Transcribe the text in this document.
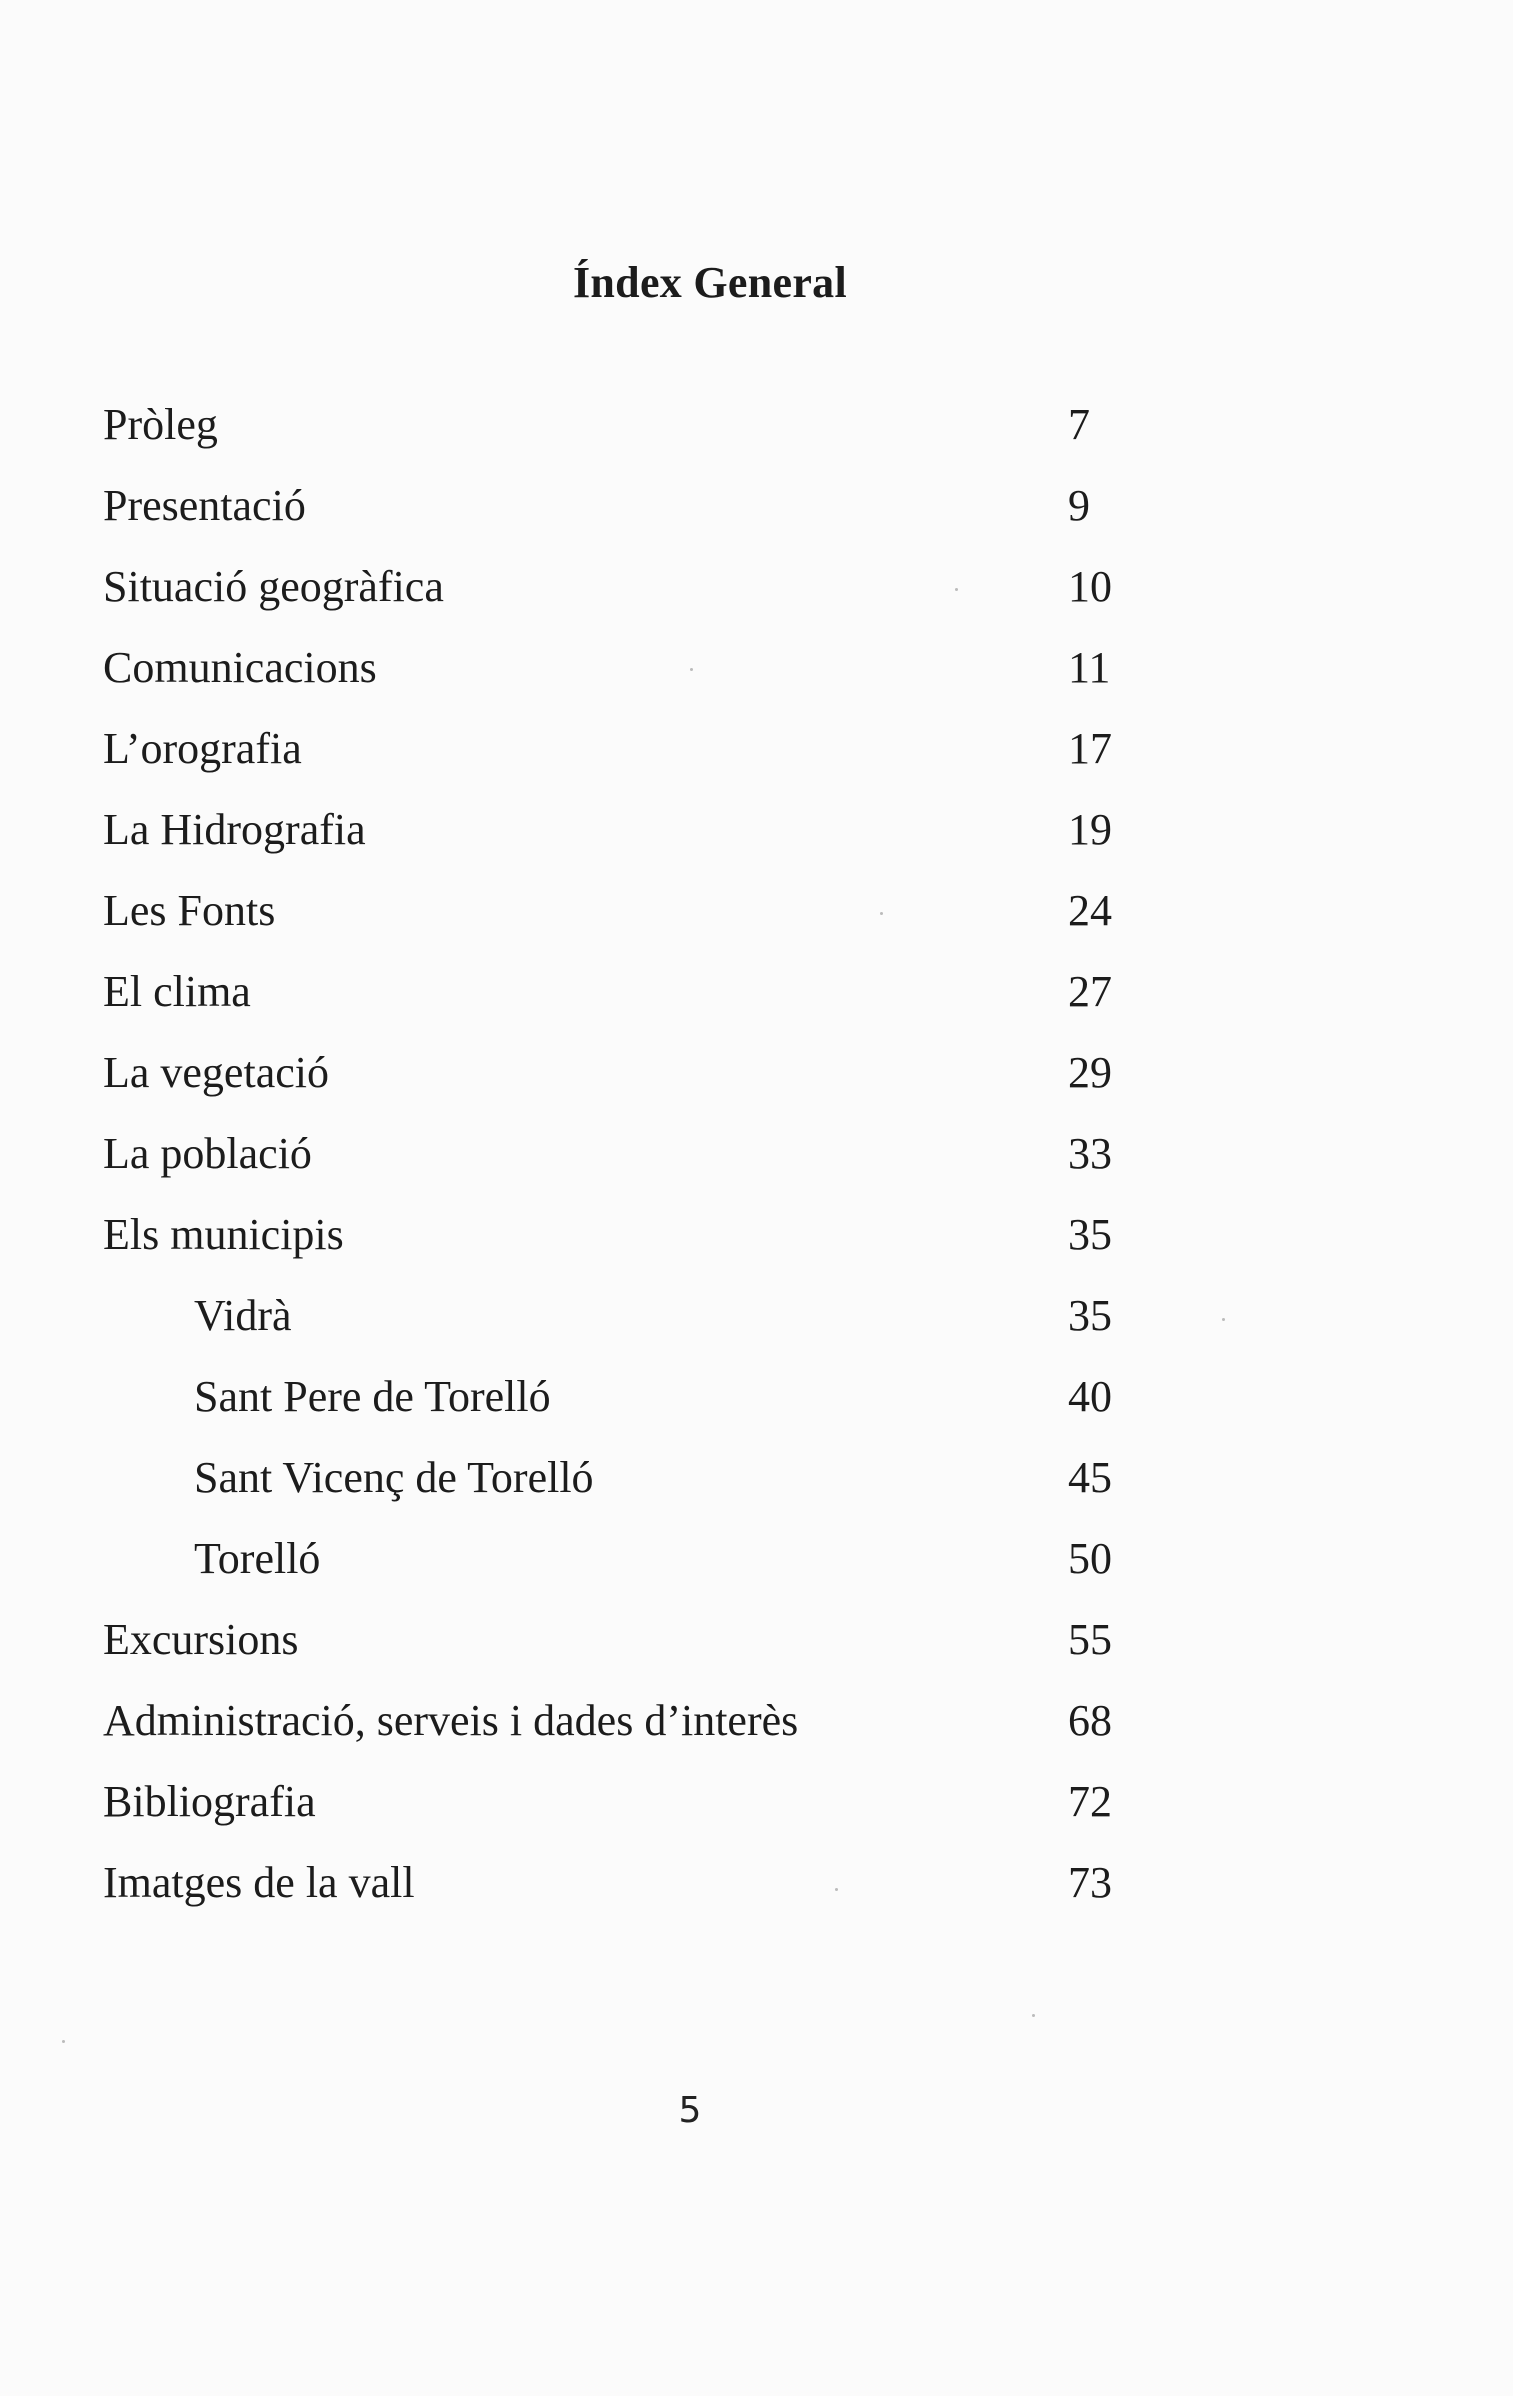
Índex General
Pròleg	7
Presentació	9
Situació geogràfica	10
Comunicacions	11
L’orografia	17
La Hidrografia	19
Les Fonts	24
El clima	27
La vegetació	29
La població	33
Els municipis	35
Vidrà	35
Sant Pere de Torelló	40
Sant Vicenç de Torelló	45
Torelló	50
Excursions	55
Administració, serveis i dades d’interès	68
Bibliografia	72
Imatges de la vall	73
5
